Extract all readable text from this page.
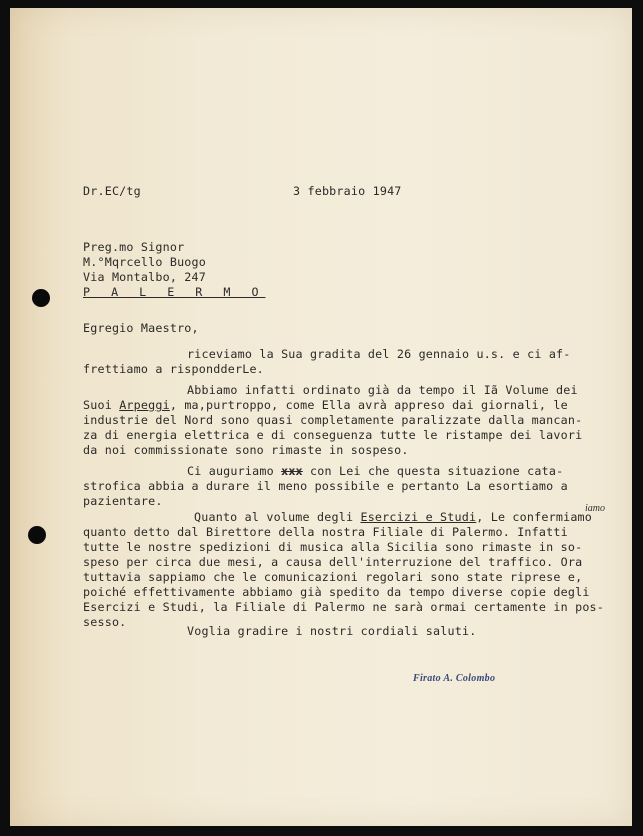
Dr.EC/tg	3 febbraio 1947
Preg.mo Signor
M.°Mqrcello Buogo
Via Montalbo, 247
P A L E R M O
Egregio Maestro,
riceviamo la Sua gradita del 26 gennaio u.s. e ci af-
frettiamo a rispondderLe.
Abbiamo infatti ordinato già da tempo il Iã Volume dei
Suoi Arpeggi, ma,purtroppo, come Ella avrà appreso dai giornali, le
industrie del Nord sono quasi completamente paralizzate dalla mancan-
za di energia elettrica e di conseguenza tutte le ristampe dei lavori
da noi commissionate sono rimaste in sospeso.
Ci auguriamo xxx con Lei che questa situazione cata-
strofica abbia a durare il meno possibile e pertanto La esortiamo a
pazientare.
Quanto al volume degli Esercizi e Studi, Le confermiamo
iamo
quanto detto dal Birettore della nostra Filiale di Palermo. Infatti
tutte le nostre spedizioni di musica alla Sicilia sono rimaste in so-
speso per circa due mesi, a causa dell'interruzione del traffico. Ora
tuttavia sappiamo che le comunicazioni regolari sono state riprese e,
poiché effettivamente abbiamo già spedito da tempo diverse copie degli
Esercizi e Studi, la Filiale di Palermo ne sarà ormai certamente in pos-
sesso.
Voglia gradire i nostri cordiali saluti.
Firato A. Colombo
